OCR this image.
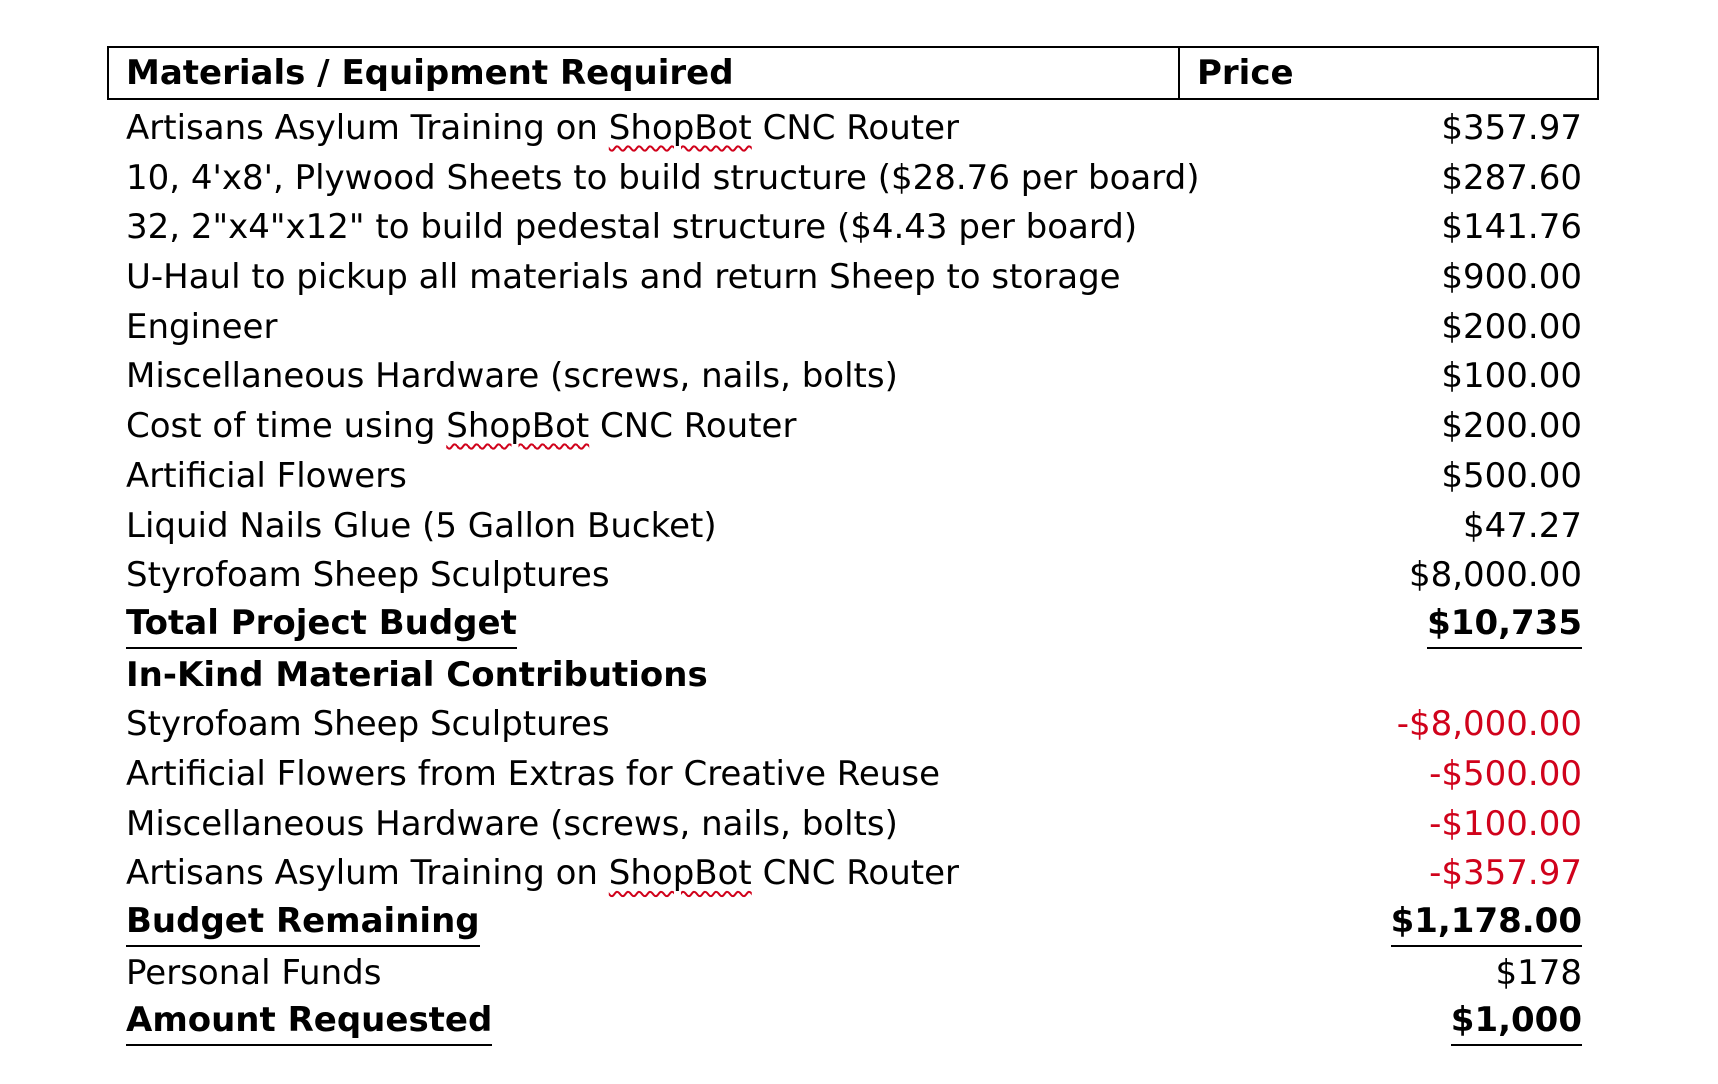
Materials / Equipment Required	Price
Artisans Asylum Training on ShopBot CNC Router	$357.97
10, 4'x8', Plywood Sheets to build structure ($28.76 per board)	$287.60
32, 2"x4"x12" to build pedestal structure ($4.43 per board)	$141.76
U-Haul to pickup all materials and return Sheep to storage	$900.00
Engineer	$200.00
Miscellaneous Hardware (screws, nails, bolts)	$100.00
Cost of time using ShopBot CNC Router	$200.00
Artificial Flowers	$500.00
Liquid Nails Glue (5 Gallon Bucket)	$47.27
Styrofoam Sheep Sculptures	$8,000.00
Total Project Budget	$10,735
In-Kind Material Contributions
Styrofoam Sheep Sculptures	-$8,000.00
Artificial Flowers from Extras for Creative Reuse	-$500.00
Miscellaneous Hardware (screws, nails, bolts)	-$100.00
Artisans Asylum Training on ShopBot CNC Router	-$357.97
Budget Remaining	$1,178.00
Personal Funds	$178
Amount Requested	$1,000
